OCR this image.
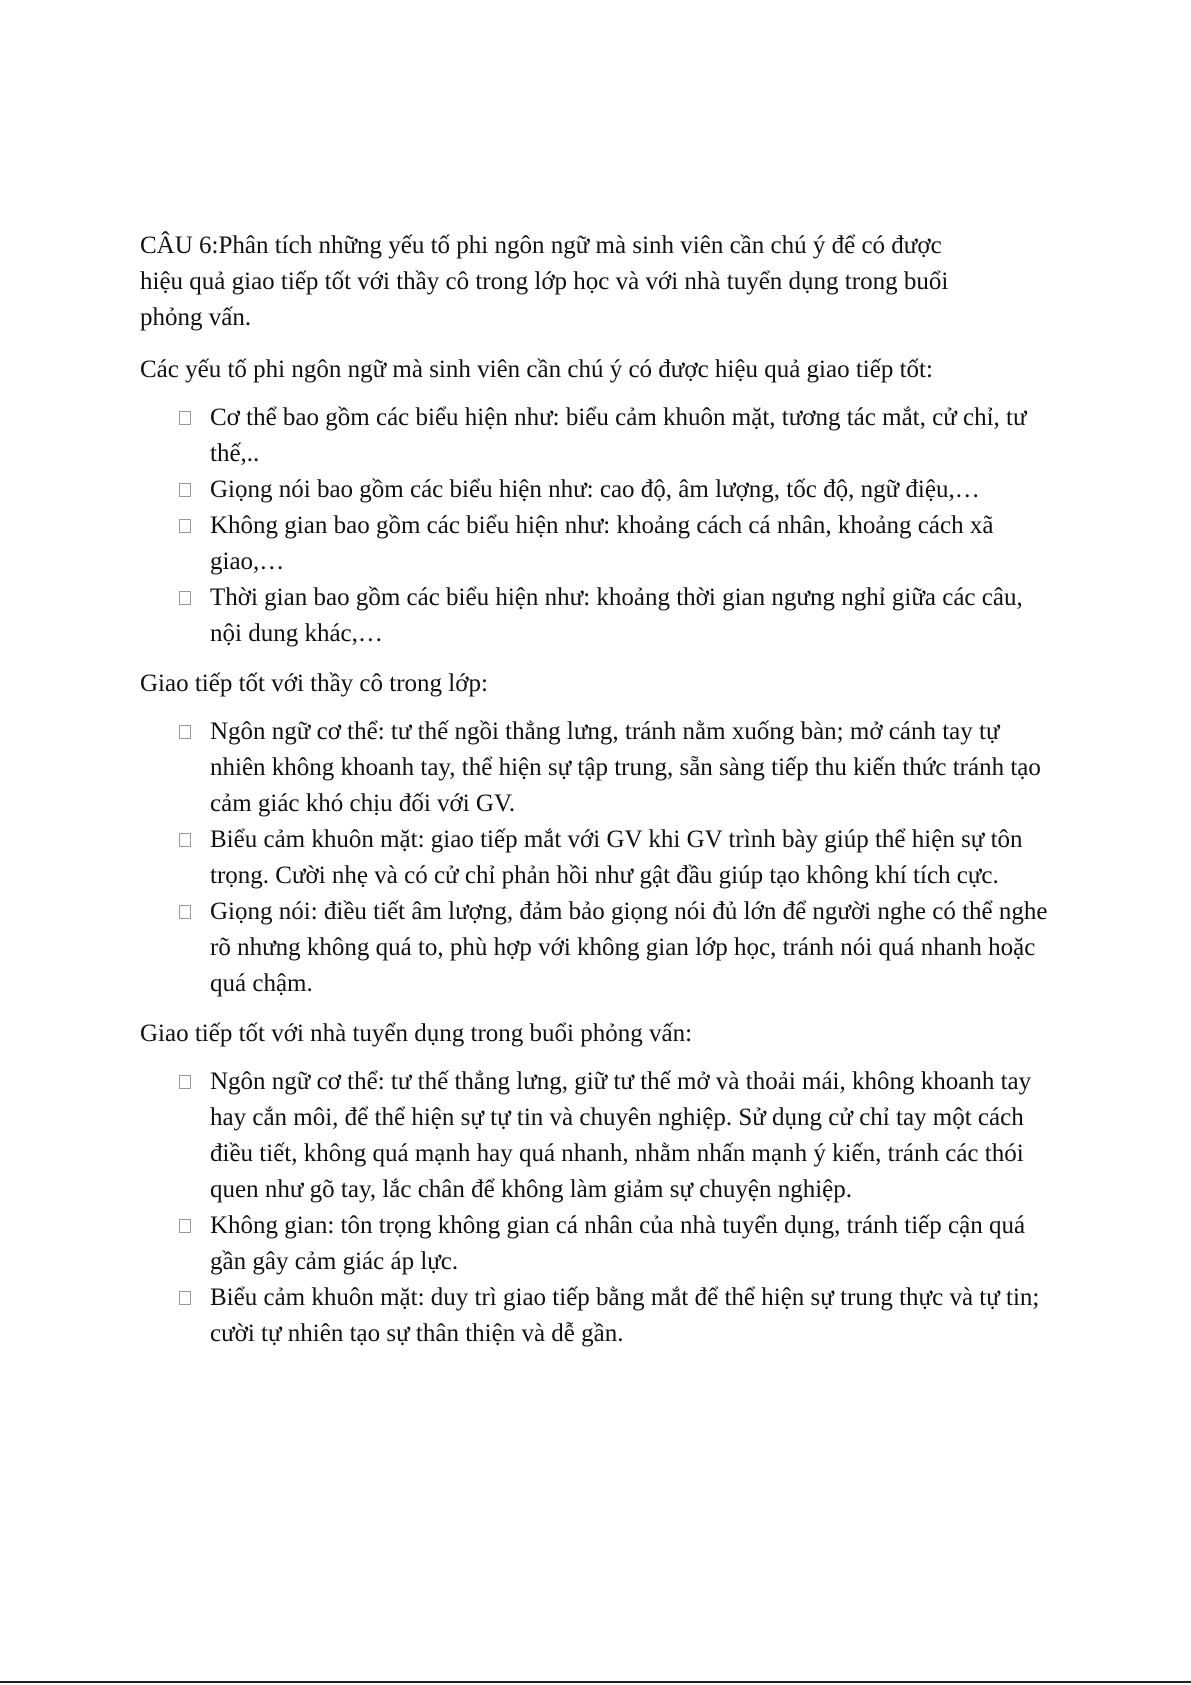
CÂU 6:Phân tích những yếu tố phi ngôn ngữ mà sinh viên cần chú ý để có được hiệu quả giao tiếp tốt với thầy cô trong lớp học và với nhà tuyển dụng trong buổi phỏng vấn.

Các yếu tố phi ngôn ngữ mà sinh viên cần chú ý có được hiệu quả giao tiếp tốt:

Cơ thể bao gồm các biểu hiện như: biểu cảm khuôn mặt, tương tác mắt, cử chỉ, tư thế,..
Giọng nói bao gồm các biểu hiện như: cao độ, âm lượng, tốc độ, ngữ điệu,…
Không gian bao gồm các biểu hiện như: khoảng cách cá nhân, khoảng cách xã giao,…
Thời gian bao gồm các biểu hiện như: khoảng thời gian ngưng nghỉ giữa các câu, nội dung khác,…

Giao tiếp tốt với thầy cô trong lớp:

Ngôn ngữ cơ thể: tư thế ngồi thẳng lưng, tránh nằm xuống bàn; mở cánh tay tự nhiên không khoanh tay, thể hiện sự tập trung, sẵn sàng tiếp thu kiến thức tránh tạo cảm giác khó chịu đối với GV.
Biểu cảm khuôn mặt: giao tiếp mắt với GV khi GV trình bày giúp thể hiện sự tôn trọng. Cười nhẹ và có cử chỉ phản hồi như gật đầu giúp tạo không khí tích cực.
Giọng nói: điều tiết âm lượng, đảm bảo giọng nói đủ lớn để người nghe có thể nghe rõ nhưng không quá to, phù hợp với không gian lớp học, tránh nói quá nhanh hoặc quá chậm.

Giao tiếp tốt với nhà tuyển dụng trong buổi phỏng vấn:

Ngôn ngữ cơ thể: tư thế thẳng lưng, giữ tư thế mở và thoải mái, không khoanh tay hay cắn môi, để thể hiện sự tự tin và chuyên nghiệp. Sử dụng cử chỉ tay một cách điều tiết, không quá mạnh hay quá nhanh, nhằm nhấn mạnh ý kiến, tránh các thói quen như gõ tay, lắc chân để không làm giảm sự chuyện nghiệp.
Không gian: tôn trọng không gian cá nhân của nhà tuyển dụng, tránh tiếp cận quá gần gây cảm giác áp lực.
Biểu cảm khuôn mặt: duy trì giao tiếp bằng mắt để thể hiện sự trung thực và tự tin; cười tự nhiên tạo sự thân thiện và dễ gần.
